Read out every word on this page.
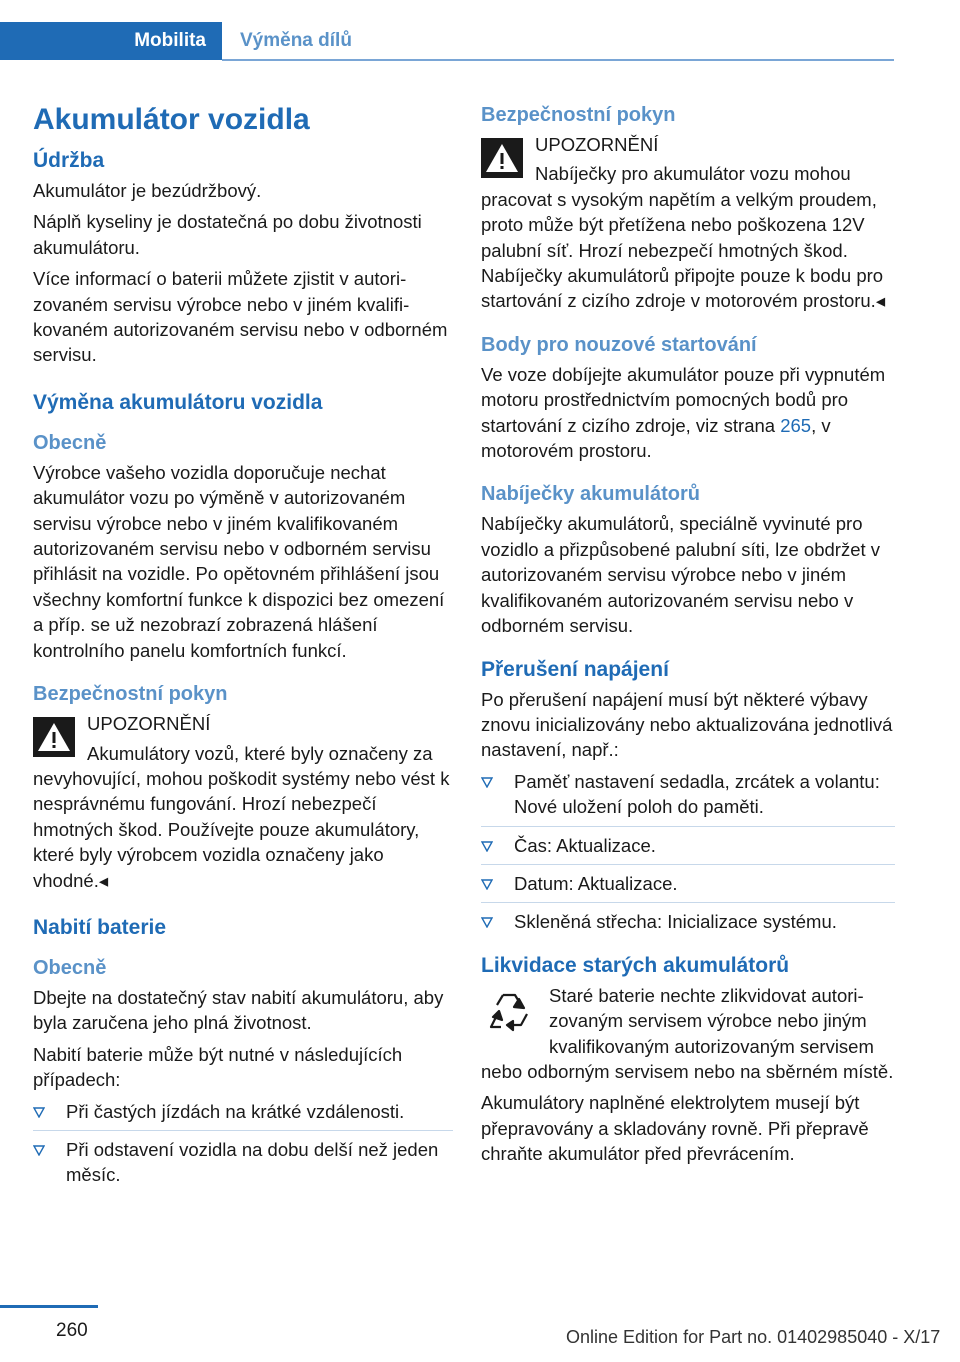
Mobilita	Výměna dílů
Akumulátor vozidla
Údržba

Akumulátor je bezúdržbový.

Náplň kyseliny je dostatečná po dobu životnosti akumulátoru.

Více informací o baterii můžete zjistit v autorizovaném servisu výrobce nebo v jiném kvalifikovaném autorizovaném servisu nebo v odborném servisu.

Výměna akumulátoru vozidla
Obecně

Výrobce vašeho vozidla doporučuje nechat akumulátor vozu po výměně v autorizovaném servisu výrobce nebo v jiném kvalifikovaném autorizovaném servisu nebo v odborném servisu přihlásit na vozidle. Po opětovném přihlášení jsou všechny komfortní funkce k dispozici bez omezení a příp. se už nezobrazí zobrazená hlášení kontrolního panelu komfortních funkcí.

Bezpečnostní pokyn

UPOZORNĚNÍ

Akumulátory vozů, které byly označeny za nevyhovující, mohou poškodit systémy nebo vést k nesprávnému fungování. Hrozí nebezpečí hmotných škod. Používejte pouze akumulátory, které byly výrobcem vozidla označeny jako vhodné.◂

Nabití baterie
Obecně

Dbejte na dostatečný stav nabití akumulátoru, aby byla zaručena jeho plná životnost.

Nabití baterie může být nutné v následujících případech:

Při častých jízdách na krátké vzdálenosti.
Při odstavení vozidla na dobu delší než jeden měsíc.
Bezpečnostní pokyn

UPOZORNĚNÍ

Nabíječky pro akumulátor vozu mohou pracovat s vysokým napětím a velkým proudem, proto může být přetížena nebo poškozena 12V palubní síť. Hrozí nebezpečí hmotných škod. Nabíječky akumulátorů připojte pouze k bodu pro startování z cizího zdroje v motorovém prostoru.◂

Body pro nouzové startování

Ve voze dobíjejte akumulátor pouze při vypnutém motoru prostřednictvím pomocných bodů pro startování z cizího zdroje, viz strana 265, v motorovém prostoru.

Nabíječky akumulátorů

Nabíječky akumulátorů, speciálně vyvinuté pro vozidlo a přizpůsobené palubní síti, lze obdržet v autorizovaném servisu výrobce nebo v jiném kvalifikovaném autorizovaném servisu nebo v odborném servisu.

Přerušení napájení

Po přerušení napájení musí být některé výbavy znovu inicializovány nebo aktualizována jednotlivá nastavení, např.:

Paměť nastavení sedadla, zrcátek a volantu: Nové uložení poloh do paměti.
Čas: Aktualizace.
Datum: Aktualizace.
Skleněná střecha: Inicializace systému.
Likvidace starých akumulátorů

Staré baterie nechte zlikvidovat autorizovaným servisem výrobce nebo jiným kvalifikovaným autorizovaným servisem nebo odborným servisem nebo na sběrném místě.

Akumulátory naplněné elektrolytem musejí být přepravovány a skladovány rovně. Při přepravě chraňte akumulátor před převrácením.

260	Online Edition for Part no. 01402985040 - X/17
